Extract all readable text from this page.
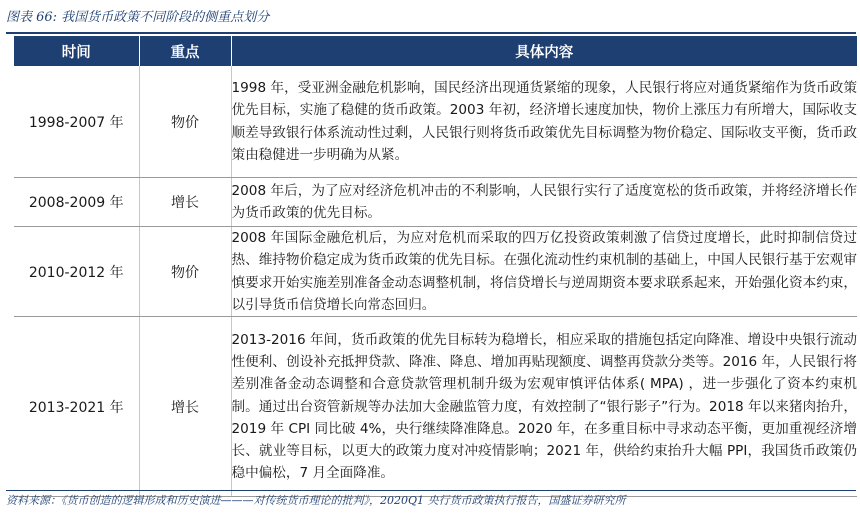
图表 66: 我国货币政策不同阶段的侧重点划分
时间	重点	具体内容
1998-2007 年	物价	1998 年，受亚洲金融危机影响，国民经济出现通货紧缩的现象，人民银行将应对通货紧缩作为货币政策优先目标，实施了稳健的货币政策。2003 年初，经济增长速度加快，物价上涨压力有所增大，国际收支顺差导致银行体系流动性过剩，人民银行则将货币政策优先目标调整为物价稳定、国际收支平衡，货币政策由稳健进一步明确为从紧。
2008-2009 年	增长	2008 年后，为了应对经济危机冲击的不利影响，人民银行实行了适度宽松的货币政策，并将经济增长作为货币政策的优先目标。
2010-2012 年	物价	2008 年国际金融危机后，为应对危机而采取的四万亿投资政策刺激了信贷过度增长，此时抑制信贷过热、维持物价稳定成为货币政策的优先目标。在强化流动性约束机制的基础上，中国人民银行基于宏观审慎要求开始实施差别准备金动态调整机制，将信贷增长与逆周期资本要求联系起来，开始强化资本约束，以引导货币信贷增长向常态回归。
2013-2021 年	增长	2013-2016 年间，货币政策的优先目标转为稳增长，相应采取的措施包括定向降准、增设中央银行流动性便利、创设补充抵押贷款、降准、降息、增加再贴现额度、调整再贷款分类等。2016 年，人民银行将差别准备金动态调整和合意贷款管理机制升级为宏观审慎评估体系( MPA) ，进一步强化了资本约束机制。通过出台资管新规等办法加大金融监管力度，有效控制了“银行影子”行为。2018 年以来猪肉抬升，2019 年 CPI 同比破 4%，央行继续降准降息。2020 年，在多重目标中寻求动态平衡，更加重视经济增长、就业等目标，以更大的政策力度对冲疫情影响；2021 年，供给约束抬升大幅 PPI，我国货币政策仍稳中偏松，7 月全面降准。
资料来源：《货币创造的逻辑形成和历史演进———对传统货币理论的批判》，2020Q1 央行货币政策执行报告，国盛证券研究所
